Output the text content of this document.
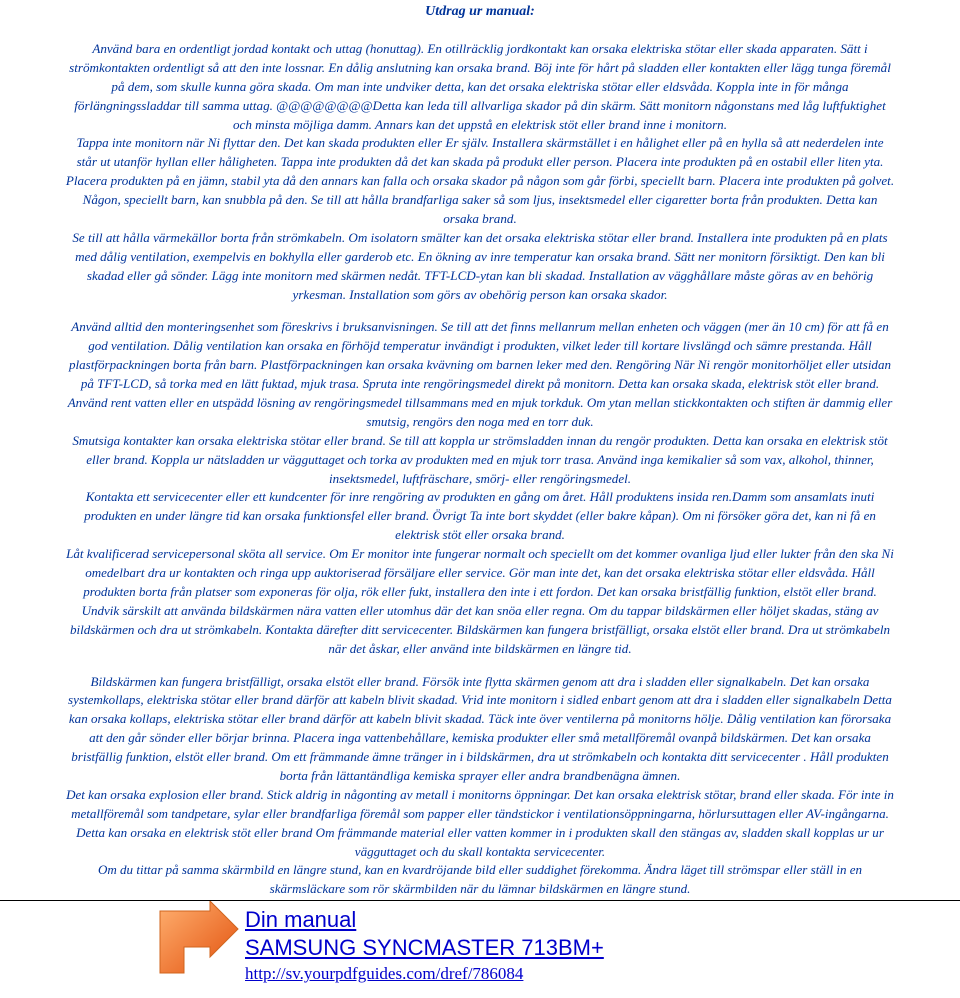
Utdrag ur manual:
Använd bara en ordentligt jordad kontakt och uttag (honuttag). En otillräcklig jordkontakt kan orsaka elektriska stötar eller skada apparaten. Sätt i
strömkontakten ordentligt så att den inte lossnar. En dålig anslutning kan orsaka brand. Böj inte för hårt på sladden eller kontakten eller lägg tunga föremål
på dem, som skulle kunna göra skada. Om man inte undviker detta, kan det orsaka elektriska stötar eller eldsvåda. Koppla inte in för många
förlängningssladdar till samma uttag. @@@@@@@@Detta kan leda till allvarliga skador på din skärm. Sätt monitorn någonstans med låg luftfuktighet
och minsta möjliga damm. Annars kan det uppstå en elektrisk stöt eller brand inne i monitorn.
Tappa inte monitorn när Ni flyttar den. Det kan skada produkten eller Er själv. Installera skärmstället i en hålighet eller på en hylla så att nederdelen inte
står ut utanför hyllan eller håligheten. Tappa inte produkten då det kan skada på produkt eller person. Placera inte produkten på en ostabil eller liten yta.
Placera produkten på en jämn, stabil yta då den annars kan falla och orsaka skador på någon som går förbi, speciellt barn. Placera inte produkten på golvet.
Någon, speciellt barn, kan snubbla på den. Se till att hålla brandfarliga saker så som ljus, insektsmedel eller cigaretter borta från produkten. Detta kan
orsaka brand.
Se till att hålla värmekällor borta från strömkabeln. Om isolatorn smälter kan det orsaka elektriska stötar eller brand. Installera inte produkten på en plats
med dålig ventilation, exempelvis en bokhylla eller garderob etc. En ökning av inre temperatur kan orsaka brand. Sätt ner monitorn försiktigt. Den kan bli
skadad eller gå sönder. Lägg inte monitorn med skärmen nedåt. TFT-LCD-ytan kan bli skadad. Installation av vägghållare måste göras av en behörig
yrkesman. Installation som görs av obehörig person kan orsaka skador.
Använd alltid den monteringsenhet som föreskrivs i bruksanvisningen. Se till att det finns mellanrum mellan enheten och väggen (mer än 10 cm) för att få en
god ventilation. Dålig ventilation kan orsaka en förhöjd temperatur invändigt i produkten, vilket leder till kortare livslängd och sämre prestanda. Håll
plastförpackningen borta från barn. Plastförpackningen kan orsaka kvävning om barnen leker med den. Rengöring När Ni rengör monitorhöljet eller utsidan
på TFT-LCD, så torka med en lätt fuktad, mjuk trasa. Spruta inte rengöringsmedel direkt på monitorn. Detta kan orsaka skada, elektrisk stöt eller brand.
Använd rent vatten eller en utspädd lösning av rengöringsmedel tillsammans med en mjuk torkduk. Om ytan mellan stickkontakten och stiften är dammig eller
smutsig, rengörs den noga med en torr duk.
Smutsiga kontakter kan orsaka elektriska stötar eller brand. Se till att koppla ur strömsladden innan du rengör produkten. Detta kan orsaka en elektrisk stöt
eller brand. Koppla ur nätsladden ur vägguttaget och torka av produkten med en mjuk torr trasa. Använd inga kemikalier så som vax, alkohol, thinner,
insektsmedel, luftfräschare, smörj- eller rengöringsmedel.
Kontakta ett servicecenter eller ett kundcenter för inre rengöring av produkten en gång om året. Håll produktens insida ren.Damm som ansamlats inuti
produkten en under längre tid kan orsaka funktionsfel eller brand. Övrigt Ta inte bort skyddet (eller bakre kåpan). Om ni försöker göra det, kan ni få en
elektrisk stöt eller orsaka brand.
Låt kvalificerad servicepersonal sköta all service. Om Er monitor inte fungerar normalt och speciellt om det kommer ovanliga ljud eller lukter från den ska Ni
omedelbart dra ur kontakten och ringa upp auktoriserad försäljare eller service. Gör man inte det, kan det orsaka elektriska stötar eller eldsvåda. Håll
produkten borta från platser som exponeras för olja, rök eller fukt, installera den inte i ett fordon. Det kan orsaka bristfällig funktion, elstöt eller brand.
Undvik särskilt att använda bildskärmen nära vatten eller utomhus där det kan snöa eller regna. Om du tappar bildskärmen eller höljet skadas, stäng av
bildskärmen och dra ut strömkabeln. Kontakta därefter ditt servicecenter. Bildskärmen kan fungera bristfälligt, orsaka elstöt eller brand. Dra ut strömkabeln
när det åskar, eller använd inte bildskärmen en längre tid.
Bildskärmen kan fungera bristfälligt, orsaka elstöt eller brand. Försök inte flytta skärmen genom att dra i sladden eller signalkabeln. Det kan orsaka
systemkollaps, elektriska stötar eller brand därför att kabeln blivit skadad. Vrid inte monitorn i sidled enbart genom att dra i sladden eller signalkabeln Detta
kan orsaka kollaps, elektriska stötar eller brand därför att kabeln blivit skadad. Täck inte över ventilerna på monitorns hölje. Dålig ventilation kan förorsaka
att den går sönder eller börjar brinna. Placera inga vattenbehållare, kemiska produkter eller små metallföremål ovanpå bildskärmen. Det kan orsaka
bristfällig funktion, elstöt eller brand. Om ett främmande ämne tränger in i bildskärmen, dra ut strömkabeln och kontakta ditt servicecenter . Håll produkten
borta från lättantändliga kemiska sprayer eller andra brandbenägna ämnen.
Det kan orsaka explosion eller brand. Stick aldrig in någonting av metall i monitorns öppningar. Det kan orsaka elektrisk stötar, brand eller skada. För inte in
metallföremål som tandpetare, sylar eller brandfarliga föremål som papper eller tändstickor i ventilationsöppningarna, hörlursuttagen eller AV-ingångarna.
Detta kan orsaka en elektrisk stöt eller brand Om främmande material eller vatten kommer in i produkten skall den stängas av, sladden skall kopplas ur ur
vägguttaget och du skall kontakta servicecenter.
Om du tittar på samma skärmbild en längre stund, kan en kvardröjande bild eller suddighet förekomma. Ändra läget till strömspar eller ställ in en
skärmsläckare som rör skärmbilden när du lämnar bildskärmen en längre stund.
Din manual
SAMSUNG SYNCMASTER 713BM+
http://sv.yourpdfguides.com/dref/786084
